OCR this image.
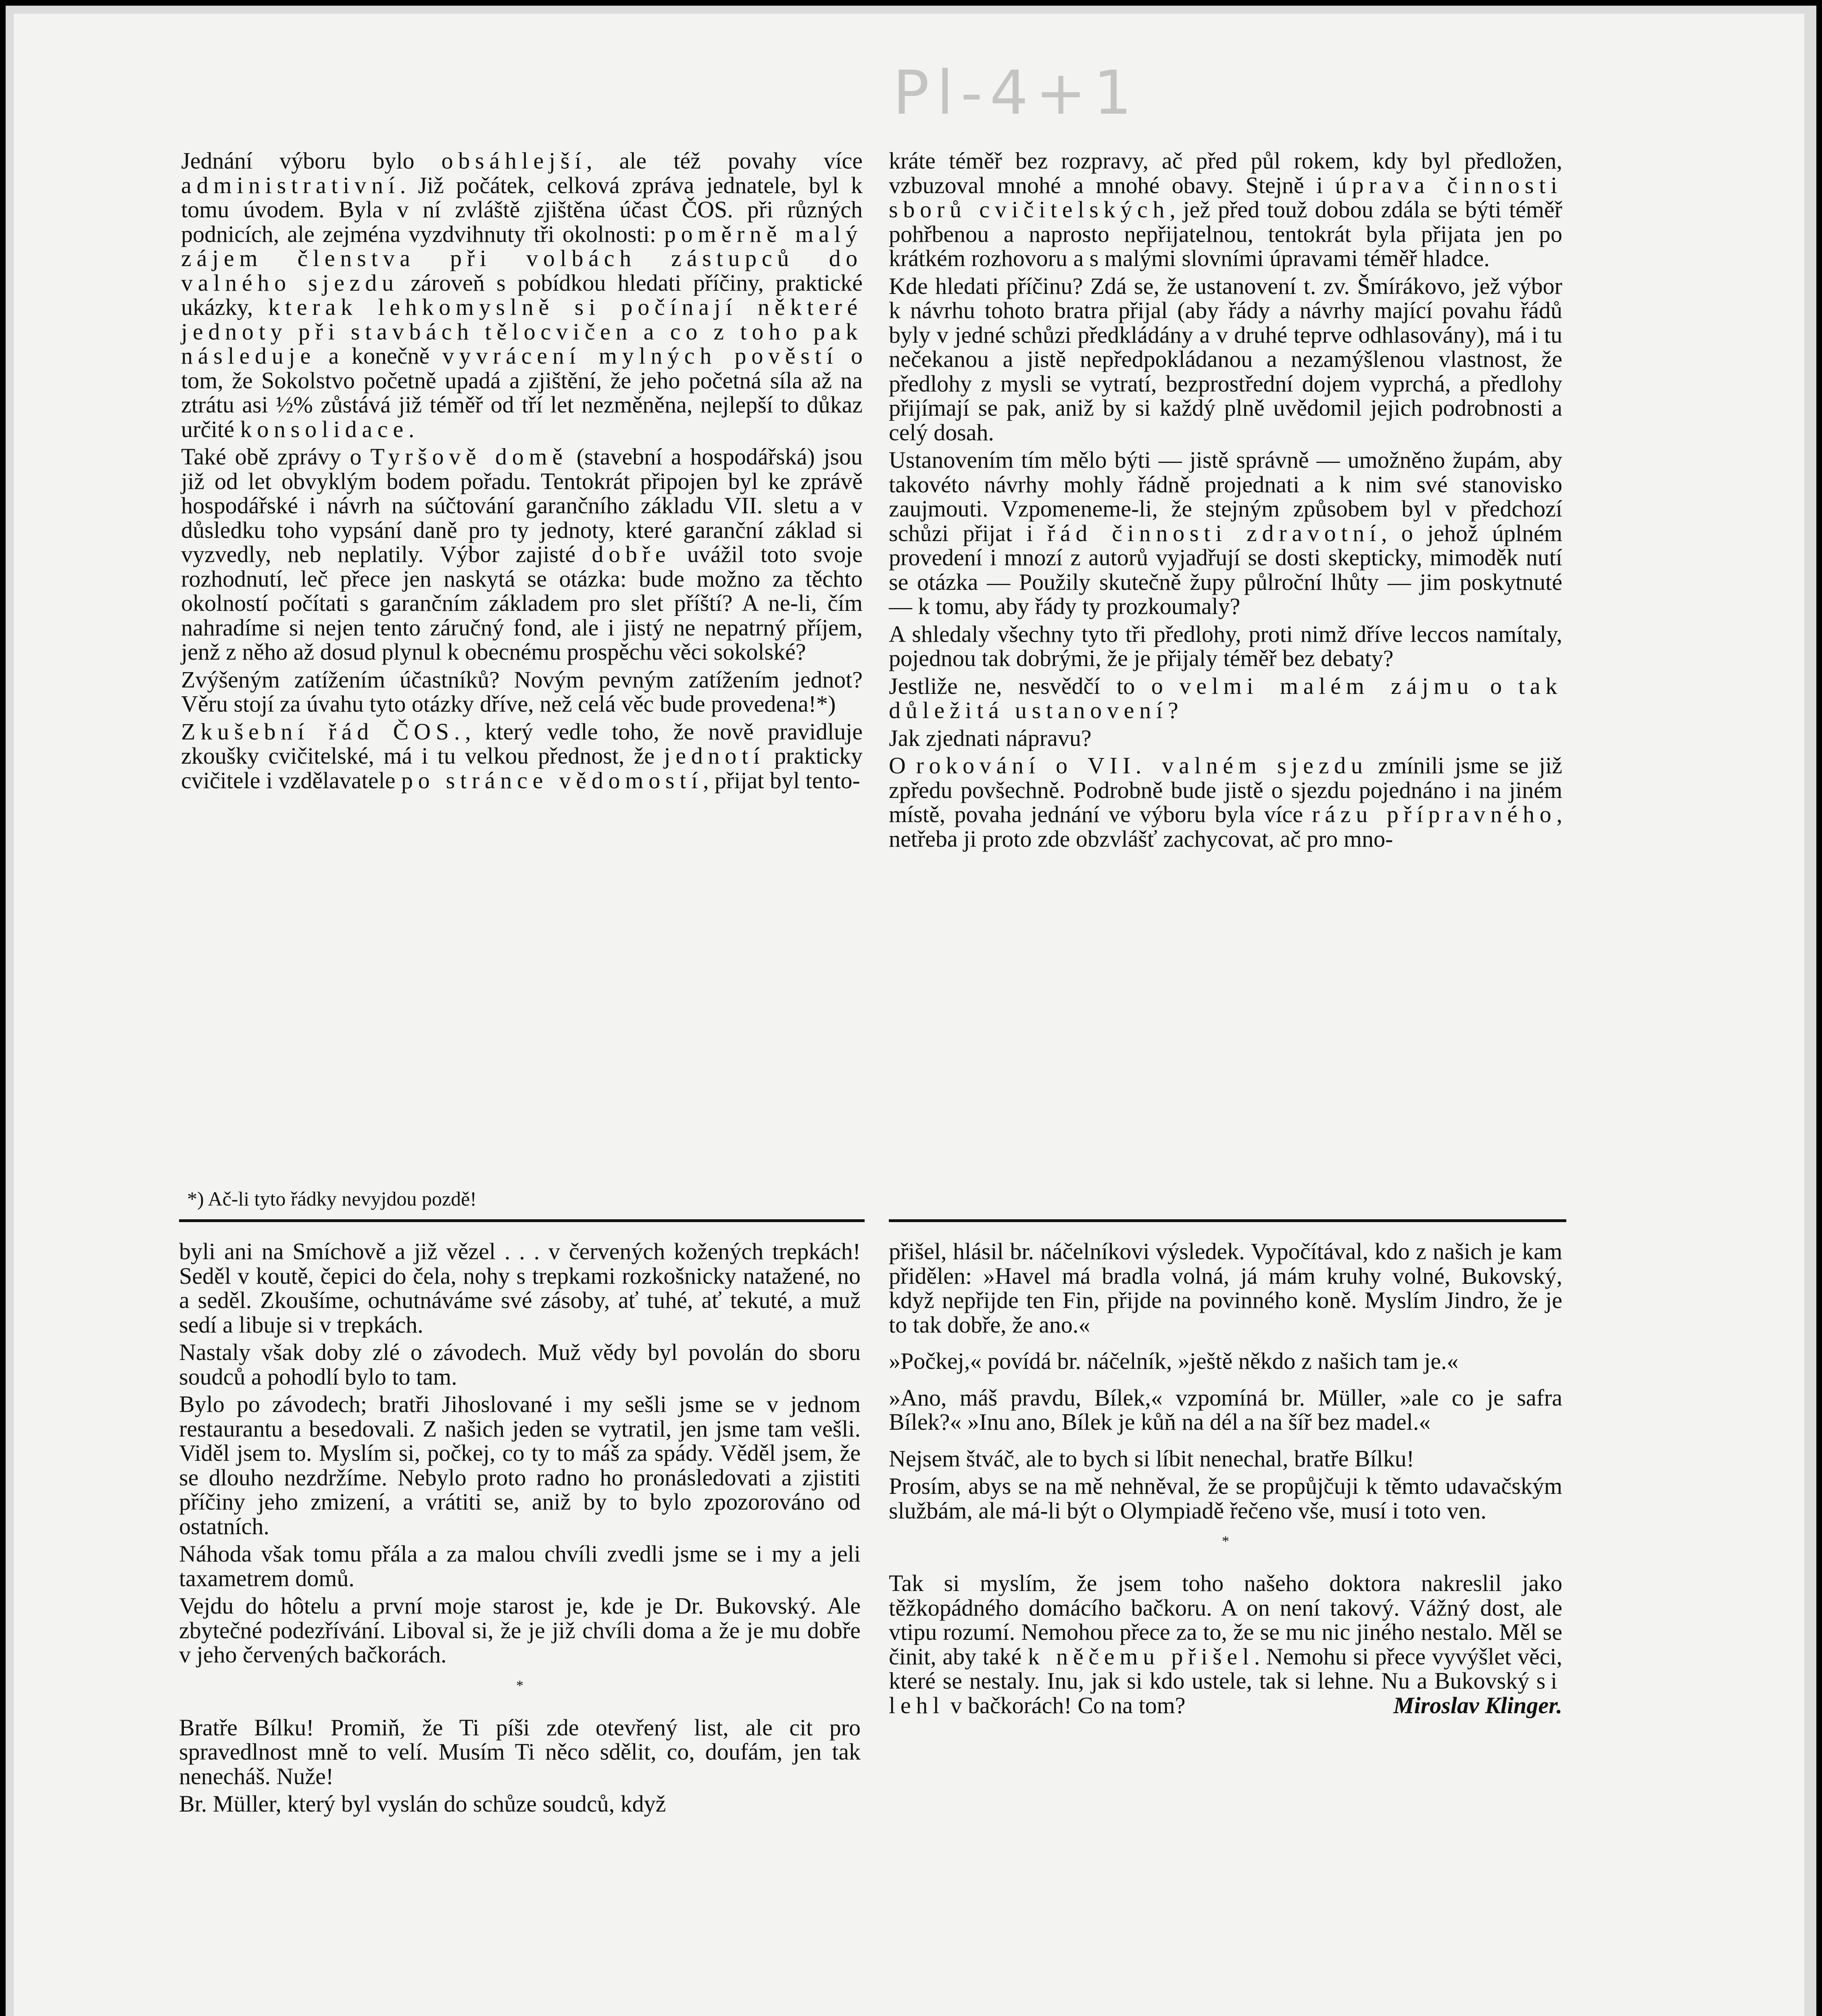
Pl-4+1

Jednání výboru bylo obsáhlejší, ale též povahy více administrativní. Již počátek, celková zpráva jednatele, byl k tomu úvodem. Byla v ní zvláště zjištěna účast ČOS. při různých podnicích, ale zejména vyzdvihnuty tři okolnosti: poměrně malý zájem členstva při volbách zástupců do valného sjezdu zároveň s pobídkou hledati příčiny, praktické ukázky, kterak lehkomyslně si počínají některé jednoty při stavbách tělocvičen a co z toho pak následuje a konečně vyvrácení mylných pověstí o tom, že Sokolstvo početně upadá a zjištění, že jeho početná síla až na ztrátu asi ½% zůstává již téměř od tří let nezměněna, nejlepší to důkaz určité konsolidace.

Také obě zprávy o Tyršově domě (stavební a hospodářská) jsou již od let obvyklým bodem pořadu. Tentokrát připojen byl ke zprávě hospodářské i návrh na súčtování garančního základu VII. sletu a v důsledku toho vypsání daně pro ty jednoty, které garanční základ si vyzvedly, neb neplatily. Výbor zajisté dobře uvážil toto svoje rozhodnutí, leč přece jen naskytá se otázka: bude možno za těchto okolností počítati s garančním základem pro slet příští? A ne-li, čím nahradíme si nejen tento záručný fond, ale i jistý ne nepatrný příjem, jenž z něho až dosud plynul k obecnému prospěchu věci sokolské?

Zvýšeným zatížením účastníků? Novým pevným zatížením jednot? Věru stojí za úvahu tyto otázky dříve, než celá věc bude provedena!*)

Zkušební řád ČOS., který vedle toho, že nově pravidluje zkoušky cvičitelské, má i tu velkou přednost, že jednotí prakticky cvičitele i vzdělavatele po stránce vědomostí, přijat byl tento-

*) Ač-li tyto řádky nevyjdou pozdě!

kráte téměř bez rozpravy, ač před půl rokem, kdy byl předložen, vzbuzoval mnohé a mnohé obavy. Stejně i úprava činnosti sborů cvičitelských, jež před touž dobou zdála se býti téměř pohřbenou a naprosto nepřijatelnou, tentokrát byla přijata jen po krátkém rozhovoru a s malými slovními úpravami téměř hladce.

Kde hledati příčinu? Zdá se, že ustanovení t. zv. Šmírákovo, jež výbor k návrhu tohoto bratra přijal (aby řády a návrhy mající povahu řádů byly v jedné schůzi předkládány a v druhé teprve odhlasovány), má i tu nečekanou a jistě nepředpokládanou a nezamýšlenou vlastnost, že předlohy z mysli se vytratí, bezprostřední dojem vyprchá, a předlohy přijímají se pak, aniž by si každý plně uvědomil jejich podrobnosti a celý dosah.

Ustanovením tím mělo býti — jistě správně — umožněno župám, aby takovéto návrhy mohly řádně projednati a k nim své stanovisko zaujmouti. Vzpomeneme-li, že stejným způsobem byl v předchozí schůzi přijat i řád činnosti zdravotní, o jehož úplném provedení i mnozí z autorů vyjadřují se dosti skepticky, mimoděk nutí se otázka — Použily skutečně župy půlroční lhůty — jim poskytnuté — k tomu, aby řády ty prozkoumaly?

A shledaly všechny tyto tři předlohy, proti nimž dříve leccos namítaly, pojednou tak dobrými, že je přijaly téměř bez debaty?

Jestliže ne, nesvědčí to o velmi malém zájmu o tak důležitá ustanovení?

Jak zjednati nápravu?

O rokování o VII. valném sjezdu zmínili jsme se již zpředu povšechně. Podrobně bude jistě o sjezdu pojednáno i na jiném místě, povaha jednání ve výboru byla více rázu přípravného, netřeba ji proto zde obzvlášť zachycovat, ač pro mno-

byli ani na Smíchově a již vězel . . . v červených kožených trepkách! Seděl v koutě, čepici do čela, nohy s trepkami rozkošnicky natažené, no a seděl. Zkoušíme, ochutnáváme své zásoby, ať tuhé, ať tekuté, a muž sedí a libuje si v trepkách.

Nastaly však doby zlé o závodech. Muž vědy byl povolán do sboru soudců a pohodlí bylo to tam.

Bylo po závodech; bratři Jihoslované i my sešli jsme se v jednom restaurantu a besedovali. Z našich jeden se vytratil, jen jsme tam vešli. Viděl jsem to. Myslím si, počkej, co ty to máš za spády. Věděl jsem, že se dlouho nezdržíme. Nebylo proto radno ho pronásledovati a zjistiti příčiny jeho zmizení, a vrátiti se, aniž by to bylo zpozorováno od ostatních.

Náhoda však tomu přála a za malou chvíli zvedli jsme se i my a jeli taxametrem domů.

Vejdu do hôtelu a první moje starost je, kde je Dr. Bukovský. Ale zbytečné podezřívání. Liboval si, že je již chvíli doma a že je mu dobře v jeho červených bačkorách.

*

Bratře Bílku! Promiň, že Ti píši zde otevřený list, ale cit pro spravedlnost mně to velí. Musím Ti něco sdělit, co, doufám, jen tak nenecháš. Nuže!

Br. Müller, který byl vyslán do schůze soudců, když

přišel, hlásil br. náčelníkovi výsledek. Vypočítával, kdo z našich je kam přidělen: »Havel má bradla volná, já mám kruhy volné, Bukovský, když nepřijde ten Fin, přijde na povinného koně. Myslím Jindro, že je to tak dobře, že ano.«

»Počkej,« povídá br. náčelník, »ještě někdo z našich tam je.«

»Ano, máš pravdu, Bílek,« vzpomíná br. Müller, »ale co je safra Bílek?« »Inu ano, Bílek je kůň na dél a na šíř bez madel.«

Nejsem štváč, ale to bych si líbit nenechal, bratře Bílku!

Prosím, abys se na mě nehněval, že se propůjčuji k těmto udavačským službám, ale má-li být o Olympiadě řečeno vše, musí i toto ven.

*

Tak si myslím, že jsem toho našeho doktora nakreslil jako těžkopádného domácího bačkoru. A on není takový. Vážný dost, ale vtipu rozumí. Nemohou přece za to, že se mu nic jiného nestalo. Měl se činit, aby také k něčemu přišel. Nemohu si přece vyvýšlet věci, které se nestaly. Inu, jak si kdo ustele, tak si lehne. Nu a Bukovský si lehl v bačkorách! Co na tom?	Miroslav Klinger.
